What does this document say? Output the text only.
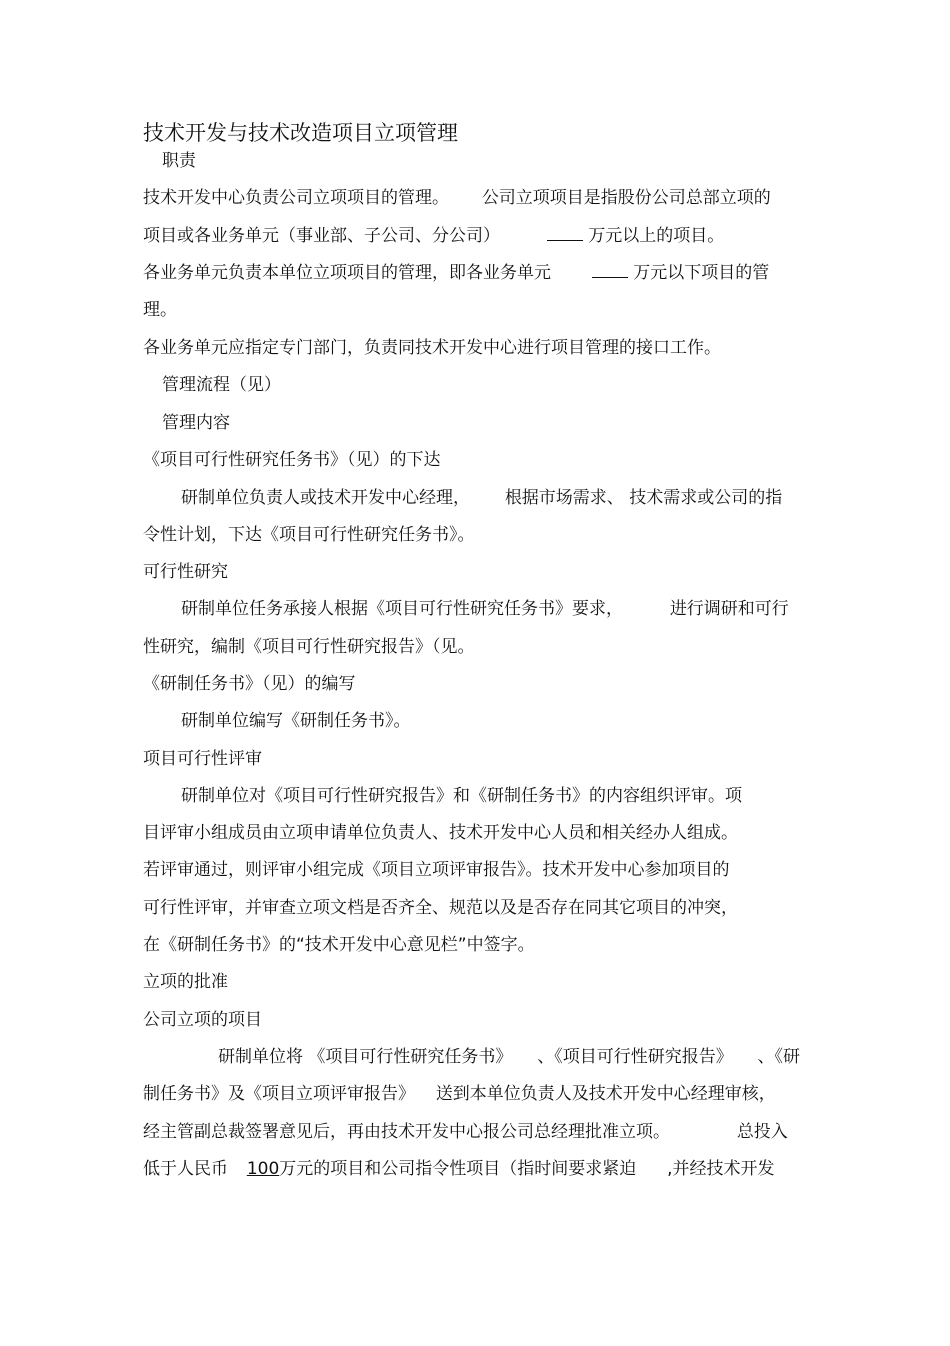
技术开发与技术改造项目立项管理
职责
技术开发中心负责公司立项项目的管理。 公司立项项目是指股份公司总部立项的
项目或各业务单元（事业部、子公司、分公司）	万元以上的项目。
各业务单元负责本单位立项项目的管理，即各业务单元	万元以下项目的管
理。
各业务单元应指定专门部门，负责同技术开发中心进行项目管理的接口工作。
管理流程（见）
管理内容
《项目可行性研究任务书》（见）的下达
研制单位负责人或技术开发中心经理， 根据市场需求、 技术需求或公司的指
令性计划，下达《项目可行性研究任务书》。
可行性研究
研制单位任务承接人根据《项目可行性研究任务书》要求，	进行调研和可行
性研究，编制《项目可行性研究报告》（见。
《研制任务书》（见）的编写
研制单位编写《研制任务书》。
项目可行性评审
研制单位对《项目可行性研究报告》和《研制任务书》的内容组织评审。项
目评审小组成员由立项申请单位负责人、技术开发中心人员和相关经办人组成。
若评审通过，则评审小组完成《项目立项评审报告》。技术开发中心参加项目的
可行性评审，并审查立项文档是否齐全、规范以及是否存在同其它项目的冲突，
在《研制任务书》的“技术开发中心意见栏”中签字。
立项的批准
公司立项的项目
研制单位将 《项目可行性研究任务书》 、《项目可行性研究报告》 、《研
制任务书》及《项目立项评审报告》 送到本单位负责人及技术开发中心经理审核，
经主管副总裁签署意见后，再由技术开发中心报公司总经理批准立项。	总投入
低于人民币 100万元的项目和公司指令性项目（指时间要求紧迫 ,并经技术开发
